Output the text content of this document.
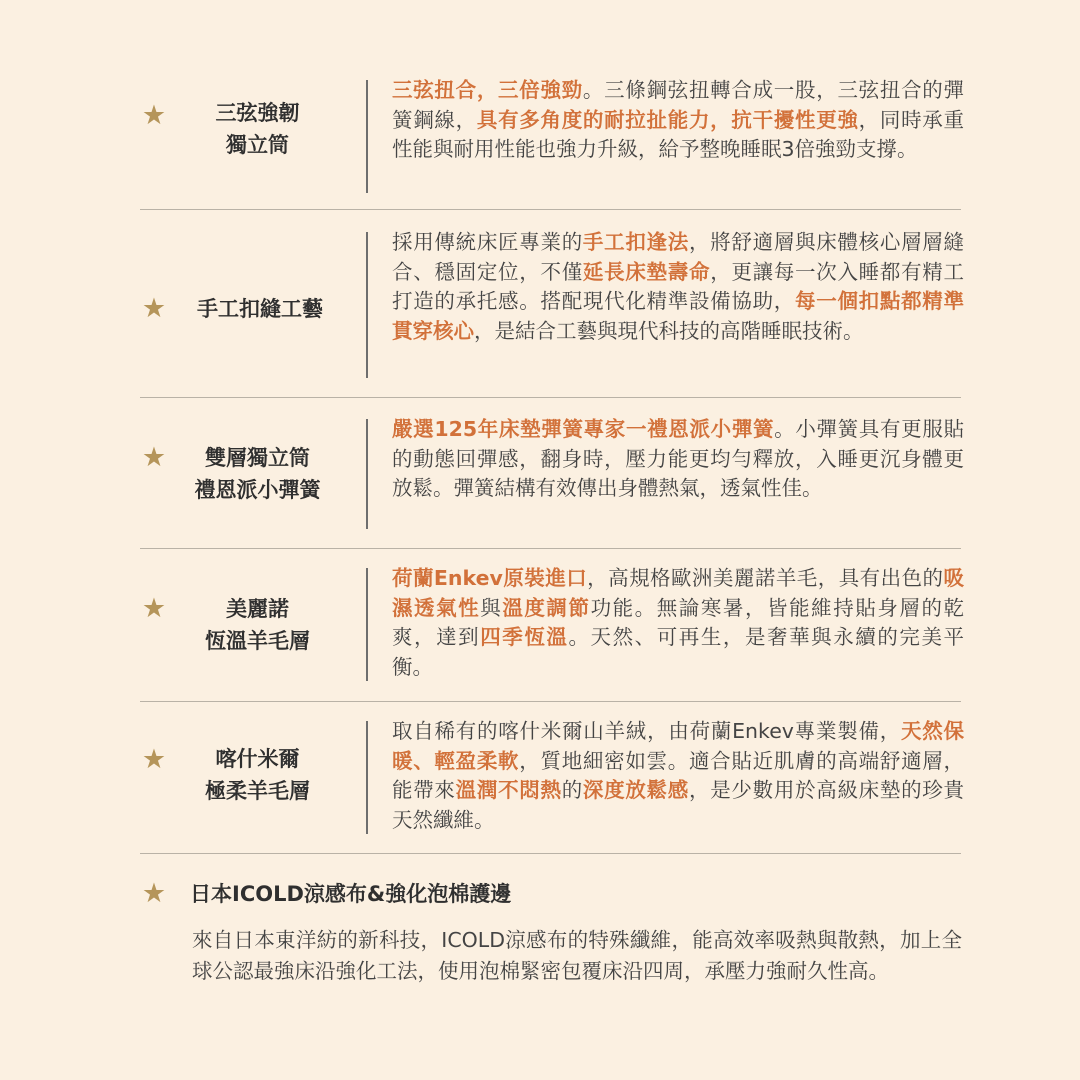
★	三弦強韌
獨立筒
三弦扭合，三倍強勁。三條鋼弦扭轉合成一股，三弦扭合的彈簧鋼線，具有多角度的耐拉扯能力，抗干擾性更強，同時承重性能與耐用性能也強力升級，給予整晚睡眠3倍強勁支撐。
★	手工扣縫工藝
採用傳統床匠專業的手工扣逢法，將舒適層與床體核心層層縫合、穩固定位，不僅延長床墊壽命，更讓每一次入睡都有精工打造的承托感。搭配現代化精準設備協助，每一個扣點都精準貫穿核心，是結合工藝與現代科技的高階睡眠技術。
★	雙層獨立筒
禮恩派小彈簧
嚴選125年床墊彈簧專家一禮恩派小彈簧。小彈簧具有更服貼的動態回彈感，翻身時，壓力能更均勻釋放，入睡更沉身體更放鬆。彈簧結構有效傳出身體熱氣，透氣性佳。
★	美麗諾
恆溫羊毛層
荷蘭Enkev原裝進口，高規格歐洲美麗諾羊毛，具有出色的吸濕透氣性與溫度調節功能。無論寒暑，皆能維持貼身層的乾爽，達到四季恆溫。天然、可再生，是奢華與永續的完美平衡。
★	喀什米爾
極柔羊毛層
取自稀有的喀什米爾山羊絨，由荷蘭Enkev專業製備，天然保暖、輕盈柔軟，質地細密如雲。適合貼近肌膚的高端舒適層，能帶來溫潤不悶熱的深度放鬆感，是少數用於高級床墊的珍貴天然纖維。
★ 日本ICOLD涼感布&強化泡棉護邊
來自日本東洋紡的新科技，ICOLD涼感布的特殊纖維，能高效率吸熱與散熱，加上全球公認最強床沿強化工法，使用泡棉緊密包覆床沿四周，承壓力強耐久性高。
